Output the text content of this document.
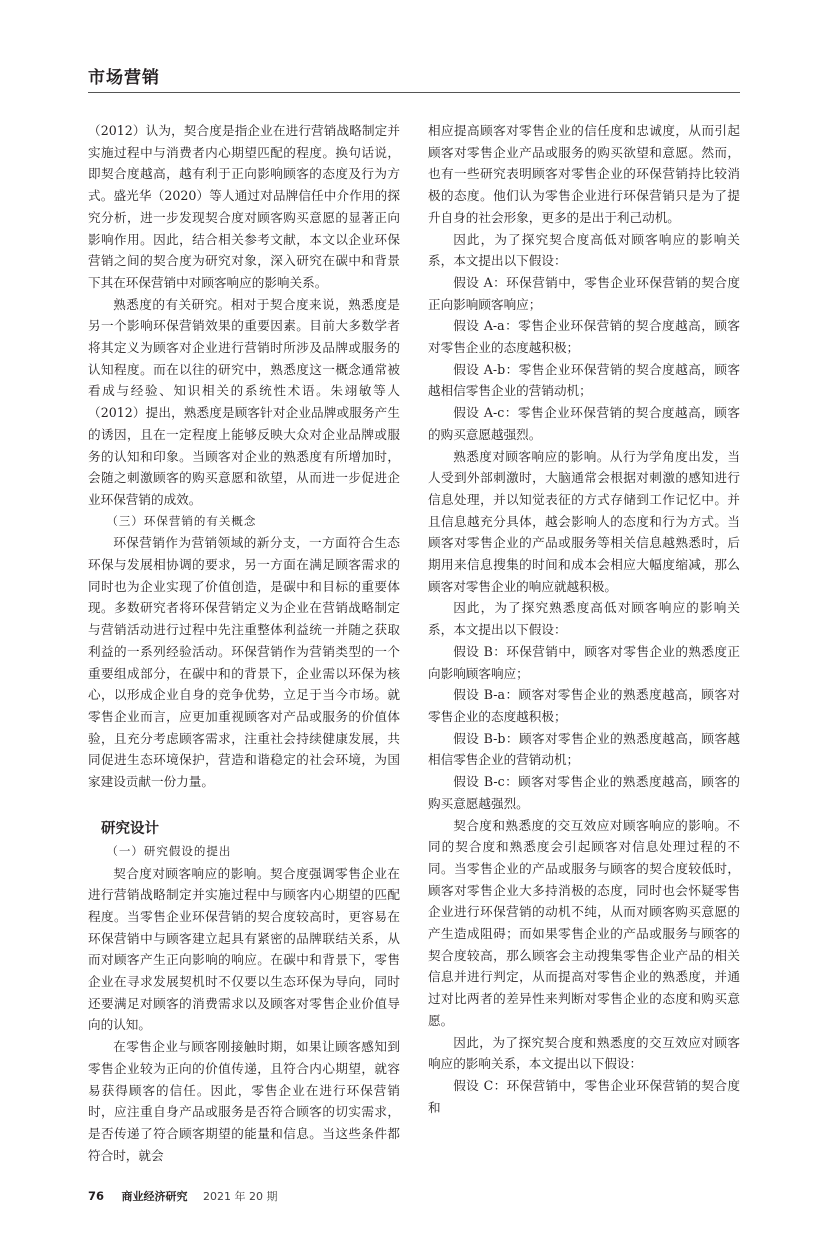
市场营销

（2012）认为，契合度是指企业在进行营销战略制定并实施过程中与消费者内心期望匹配的程度。换句话说，即契合度越高，越有利于正向影响顾客的态度及行为方式。盛光华（2020）等人通过对品牌信任中介作用的探究分析，进一步发现契合度对顾客购买意愿的显著正向影响作用。因此，结合相关参考文献，本文以企业环保营销之间的契合度为研究对象，深入研究在碳中和背景下其在环保营销中对顾客响应的影响关系。

熟悉度的有关研究。相对于契合度来说，熟悉度是另一个影响环保营销效果的重要因素。目前大多数学者将其定义为顾客对企业进行营销时所涉及品牌或服务的认知程度。而在以往的研究中，熟悉度这一概念通常被看成与经验、知识相关的系统性术语。朱翊敏等人（2012）提出，熟悉度是顾客针对企业品牌或服务产生的诱因，且在一定程度上能够反映大众对企业品牌或服务的认知和印象。当顾客对企业的熟悉度有所增加时，会随之刺激顾客的购买意愿和欲望，从而进一步促进企业环保营销的成效。

（三）环保营销的有关概念

环保营销作为营销领域的新分支，一方面符合生态环保与发展相协调的要求，另一方面在满足顾客需求的同时也为企业实现了价值创造，是碳中和目标的重要体现。多数研究者将环保营销定义为企业在营销战略制定与营销活动进行过程中先注重整体利益统一并随之获取利益的一系列经验活动。环保营销作为营销类型的一个重要组成部分，在碳中和的背景下，企业需以环保为核心，以形成企业自身的竞争优势，立足于当今市场。就零售企业而言，应更加重视顾客对产品或服务的价值体验，且充分考虑顾客需求，注重社会持续健康发展，共同促进生态环境保护，营造和谐稳定的社会环境，为国家建设贡献一份力量。

研究设计

（一）研究假设的提出

契合度对顾客响应的影响。契合度强调零售企业在进行营销战略制定并实施过程中与顾客内心期望的匹配程度。当零售企业环保营销的契合度较高时，更容易在环保营销中与顾客建立起具有紧密的品牌联结关系，从而对顾客产生正向影响的响应。在碳中和背景下，零售企业在寻求发展契机时不仅要以生态环保为导向，同时还要满足对顾客的消费需求以及顾客对零售企业价值导向的认知。

在零售企业与顾客刚接触时期，如果让顾客感知到零售企业较为正向的价值传递，且符合内心期望，就容易获得顾客的信任。因此，零售企业在进行环保营销时，应注重自身产品或服务是否符合顾客的切实需求，是否传递了符合顾客期望的能量和信息。当这些条件都符合时，就会

相应提高顾客对零售企业的信任度和忠诚度，从而引起顾客对零售企业产品或服务的购买欲望和意愿。然而，也有一些研究表明顾客对零售企业的环保营销持比较消极的态度。他们认为零售企业进行环保营销只是为了提升自身的社会形象，更多的是出于利己动机。

因此，为了探究契合度高低对顾客响应的影响关系，本文提出以下假设：

假设 A：环保营销中，零售企业环保营销的契合度正向影响顾客响应；

假设 A-a：零售企业环保营销的契合度越高，顾客对零售企业的态度越积极；

假设 A-b：零售企业环保营销的契合度越高，顾客越相信零售企业的营销动机；

假设 A-c：零售企业环保营销的契合度越高，顾客的购买意愿越强烈。

熟悉度对顾客响应的影响。从行为学角度出发，当人受到外部刺激时，大脑通常会根据对刺激的感知进行信息处理，并以知觉表征的方式存储到工作记忆中。并且信息越充分具体，越会影响人的态度和行为方式。当顾客对零售企业的产品或服务等相关信息越熟悉时，后期用来信息搜集的时间和成本会相应大幅度缩减，那么顾客对零售企业的响应就越积极。

因此，为了探究熟悉度高低对顾客响应的影响关系，本文提出以下假设：

假设 B：环保营销中，顾客对零售企业的熟悉度正向影响顾客响应；

假设 B-a：顾客对零售企业的熟悉度越高，顾客对零售企业的态度越积极；

假设 B-b：顾客对零售企业的熟悉度越高，顾客越相信零售企业的营销动机；

假设 B-c：顾客对零售企业的熟悉度越高，顾客的购买意愿越强烈。

契合度和熟悉度的交互效应对顾客响应的影响。不同的契合度和熟悉度会引起顾客对信息处理过程的不同。当零售企业的产品或服务与顾客的契合度较低时，顾客对零售企业大多持消极的态度，同时也会怀疑零售企业进行环保营销的动机不纯，从而对顾客购买意愿的产生造成阻碍；而如果零售企业的产品或服务与顾客的契合度较高，那么顾客会主动搜集零售企业产品的相关信息并进行判定，从而提高对零售企业的熟悉度，并通过对比两者的差异性来判断对零售企业的态度和购买意愿。

因此，为了探究契合度和熟悉度的交互效应对顾客响应的影响关系，本文提出以下假设：

假设 C：环保营销中，零售企业环保营销的契合度和

76 商业经济研究 2021 年 20 期
